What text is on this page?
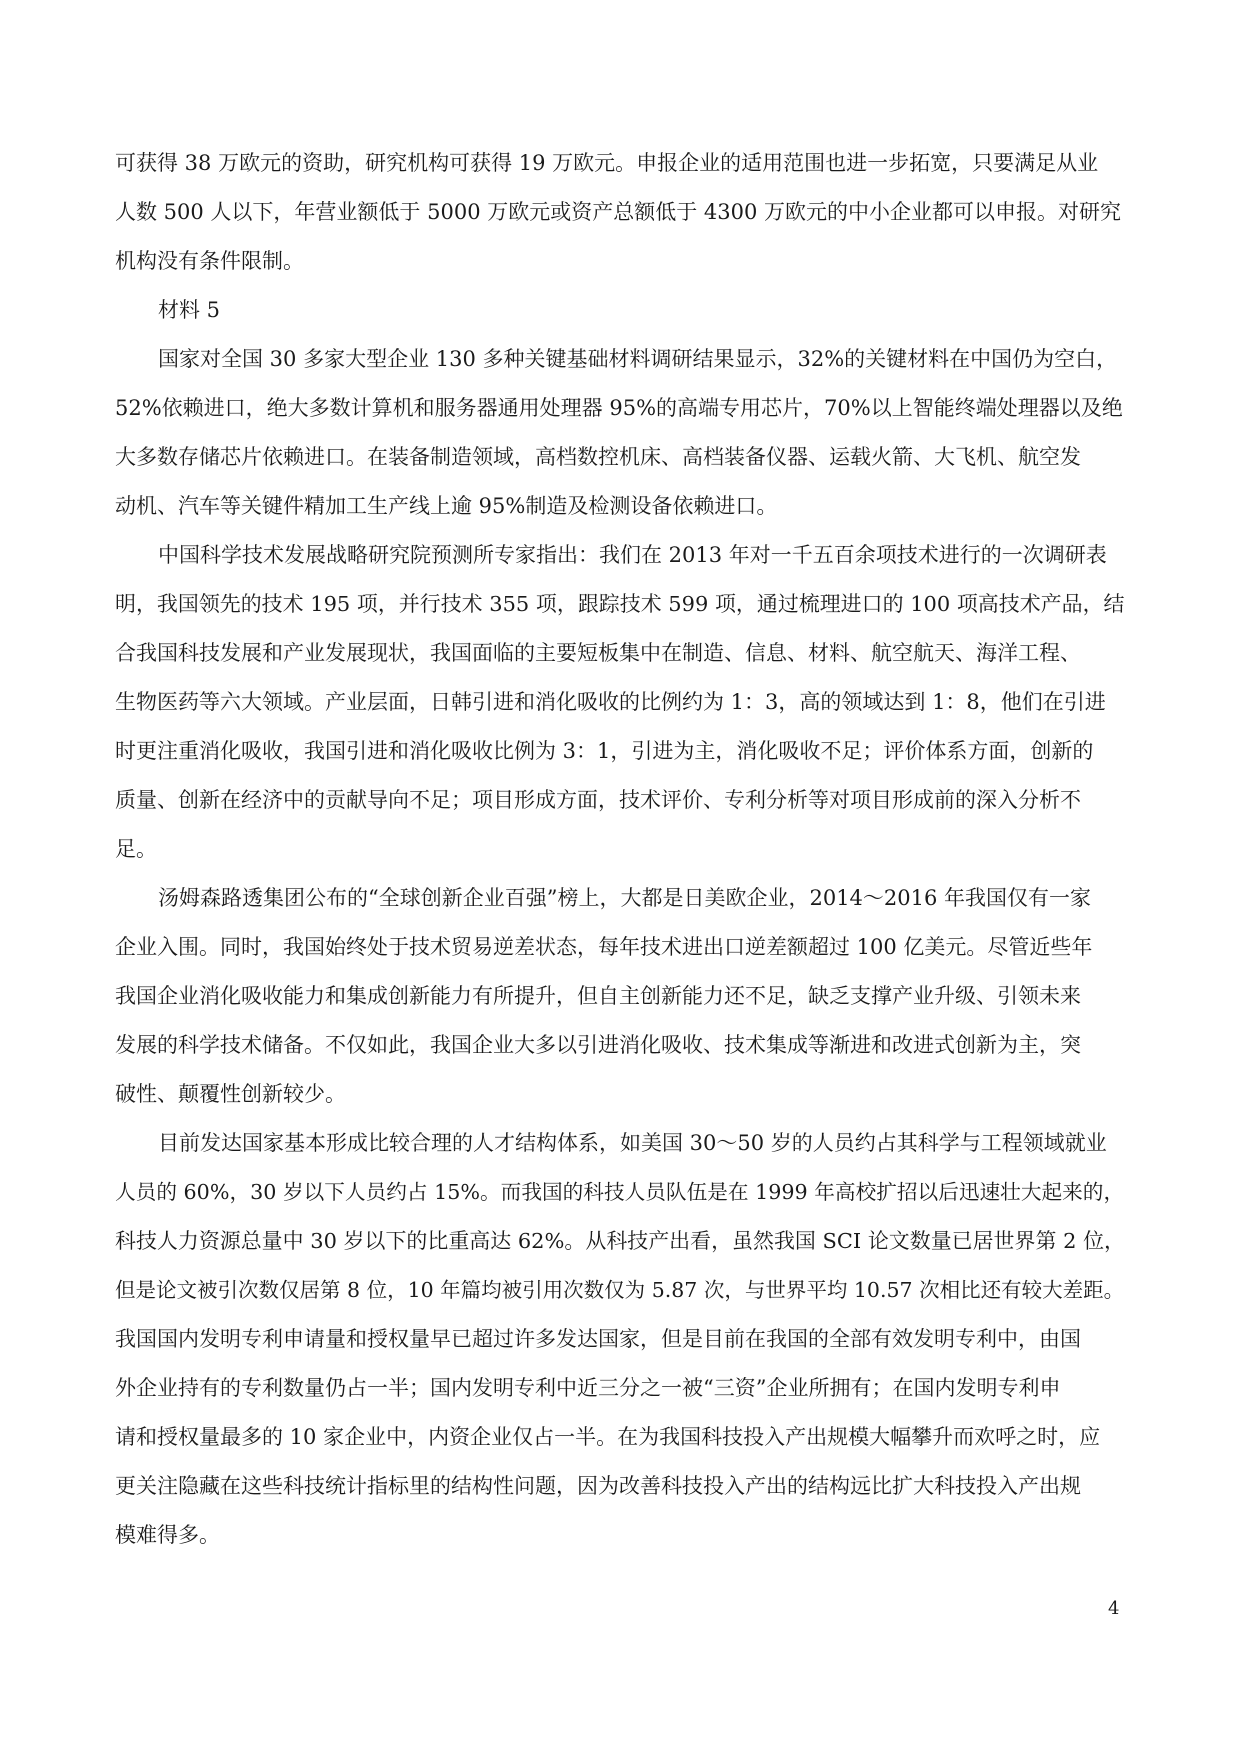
可获得 38 万欧元的资助，研究机构可获得 19 万欧元。申报企业的适用范围也进一步拓宽，只要满足从业
人数 500 人以下，年营业额低于 5000 万欧元或资产总额低于 4300 万欧元的中小企业都可以申报。对研究
机构没有条件限制。
材料 5
国家对全国 30 多家大型企业 130 多种关键基础材料调研结果显示，32%的关键材料在中国仍为空白，
52%依赖进口，绝大多数计算机和服务器通用处理器 95%的高端专用芯片，70%以上智能终端处理器以及绝
大多数存储芯片依赖进口。在装备制造领域，高档数控机床、高档装备仪器、运载火箭、大飞机、航空发
动机、汽车等关键件精加工生产线上逾 95%制造及检测设备依赖进口。
中国科学技术发展战略研究院预测所专家指出：我们在 2013 年对一千五百余项技术进行的一次调研表
明，我国领先的技术 195 项，并行技术 355 项，跟踪技术 599 项，通过梳理进口的 100 项高技术产品，结
合我国科技发展和产业发展现状，我国面临的主要短板集中在制造、信息、材料、航空航天、海洋工程、
生物医药等六大领域。产业层面，日韩引进和消化吸收的比例约为 1：3，高的领域达到 1：8，他们在引进
时更注重消化吸收，我国引进和消化吸收比例为 3：1，引进为主，消化吸收不足；评价体系方面，创新的
质量、创新在经济中的贡献导向不足；项目形成方面，技术评价、专利分析等对项目形成前的深入分析不
足。
汤姆森路透集团公布的“全球创新企业百强”榜上，大都是日美欧企业，2014～2016 年我国仅有一家
企业入围。同时，我国始终处于技术贸易逆差状态，每年技术进出口逆差额超过 100 亿美元。尽管近些年
我国企业消化吸收能力和集成创新能力有所提升，但自主创新能力还不足，缺乏支撑产业升级、引领未来
发展的科学技术储备。不仅如此，我国企业大多以引进消化吸收、技术集成等渐进和改进式创新为主，突
破性、颠覆性创新较少。
目前发达国家基本形成比较合理的人才结构体系，如美国 30～50 岁的人员约占其科学与工程领域就业
人员的 60%，30 岁以下人员约占 15%。而我国的科技人员队伍是在 1999 年高校扩招以后迅速壮大起来的，
科技人力资源总量中 30 岁以下的比重高达 62%。从科技产出看，虽然我国 SCI 论文数量已居世界第 2 位，
但是论文被引次数仅居第 8 位，10 年篇均被引用次数仅为 5.87 次，与世界平均 10.57 次相比还有较大差距。
我国国内发明专利申请量和授权量早已超过许多发达国家，但是目前在我国的全部有效发明专利中，由国
外企业持有的专利数量仍占一半；国内发明专利中近三分之一被“三资”企业所拥有；在国内发明专利申
请和授权量最多的 10 家企业中，内资企业仅占一半。在为我国科技投入产出规模大幅攀升而欢呼之时，应
更关注隐藏在这些科技统计指标里的结构性问题，因为改善科技投入产出的结构远比扩大科技投入产出规
模难得多。
4
